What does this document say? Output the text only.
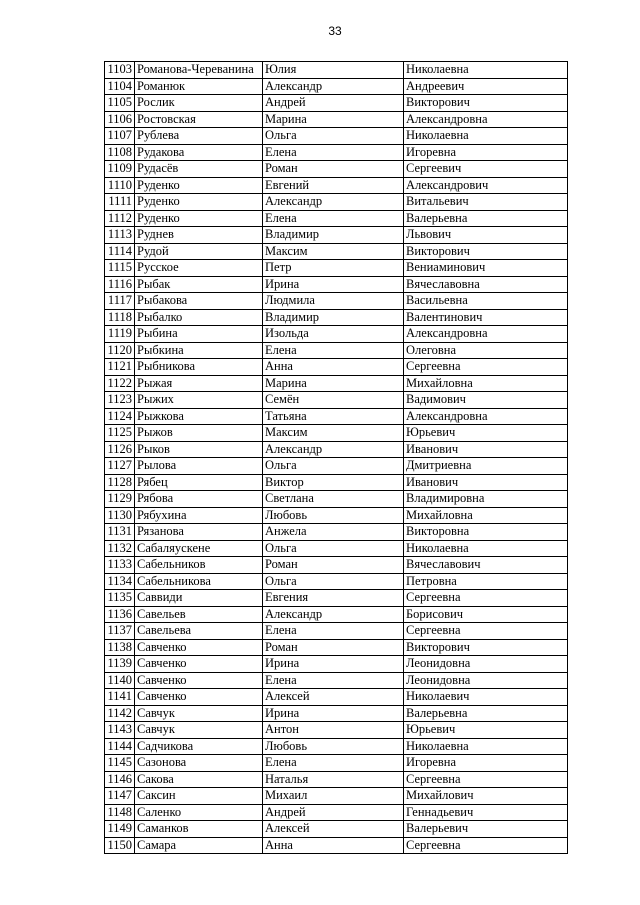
33
1103	Романова-Череванина	Юлия	Николаевна
1104	Романюк	Александр	Андреевич
1105	Рослик	Андрей	Викторович
1106	Ростовская	Марина	Александровна
1107	Рублева	Ольга	Николаевна
1108	Рудакова	Елена	Игоревна
1109	Рудасёв	Роман	Сергеевич
1110	Руденко	Евгений	Александрович
1111	Руденко	Александр	Витальевич
1112	Руденко	Елена	Валерьевна
1113	Руднев	Владимир	Львович
1114	Рудой	Максим	Викторович
1115	Русское	Петр	Вениаминович
1116	Рыбак	Ирина	Вячеславовна
1117	Рыбакова	Людмила	Васильевна
1118	Рыбалко	Владимир	Валентинович
1119	Рыбина	Изольда	Александровна
1120	Рыбкина	Елена	Олеговна
1121	Рыбникова	Анна	Сергеевна
1122	Рыжая	Марина	Михайловна
1123	Рыжих	Семён	Вадимович
1124	Рыжкова	Татьяна	Александровна
1125	Рыжов	Максим	Юрьевич
1126	Рыков	Александр	Иванович
1127	Рылова	Ольга	Дмитриевна
1128	Рябец	Виктор	Иванович
1129	Рябова	Светлана	Владимировна
1130	Рябухина	Любовь	Михайловна
1131	Рязанова	Анжела	Викторовна
1132	Сабаляускене	Ольга	Николаевна
1133	Сабельников	Роман	Вячеславович
1134	Сабельникова	Ольга	Петровна
1135	Саввиди	Евгения	Сергеевна
1136	Савельев	Александр	Борисович
1137	Савельева	Елена	Сергеевна
1138	Савченко	Роман	Викторович
1139	Савченко	Ирина	Леонидовна
1140	Савченко	Елена	Леонидовна
1141	Савченко	Алексей	Николаевич
1142	Савчук	Ирина	Валерьевна
1143	Савчук	Антон	Юрьевич
1144	Садчикова	Любовь	Николаевна
1145	Сазонова	Елена	Игоревна
1146	Сакова	Наталья	Сергеевна
1147	Саксин	Михаил	Михайлович
1148	Саленко	Андрей	Геннадьевич
1149	Саманков	Алексей	Валерьевич
1150	Самара	Анна	Сергеевна
